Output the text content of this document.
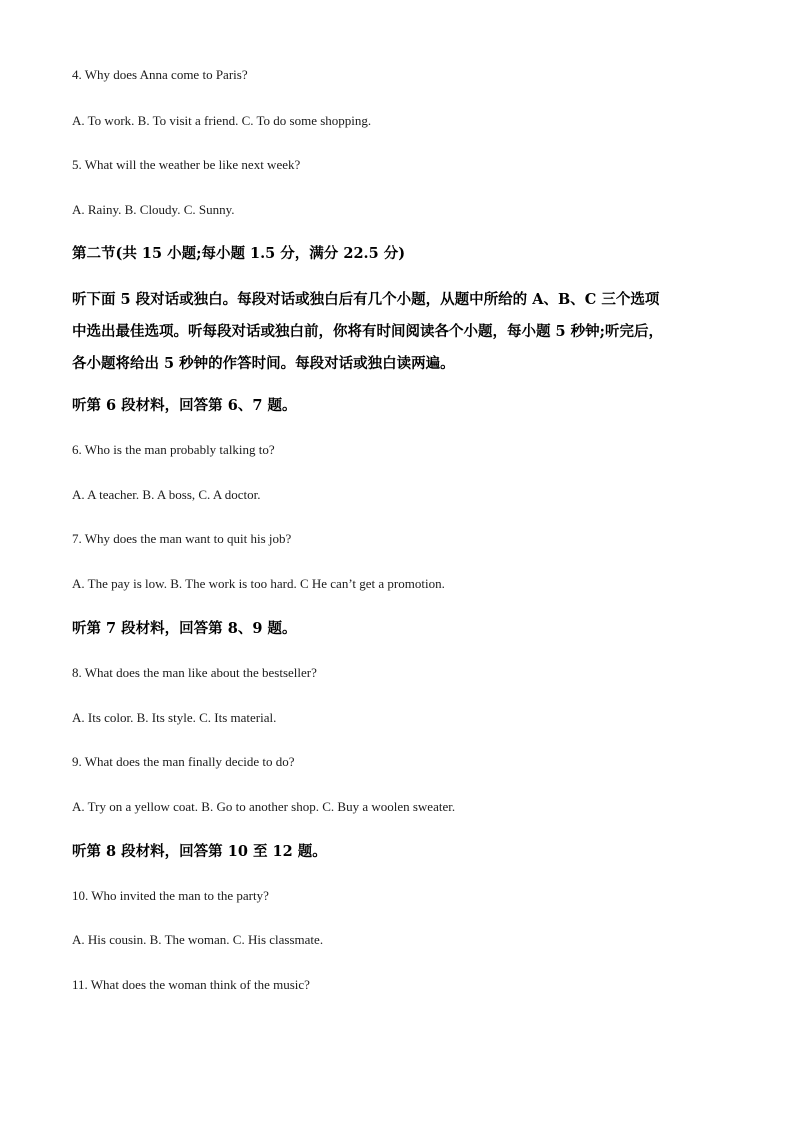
4. Why does Anna come to Paris?
A. To work. B. To visit a friend. C. To do some shopping.
5. What will the weather be like next week?
A. Rainy. B. Cloudy. C. Sunny.
第二节(共 15 小题;每小题 1.5 分，满分 22.5 分)
听下面 5 段对话或独白。每段对话或独白后有几个小题，从题中所给的 A、B、C 三个选项
中选出最佳选项。听每段对话或独白前，你将有时间阅读各个小题，每小题 5 秒钟;听完后，
各小题将给出 5 秒钟的作答时间。每段对话或独白读两遍。
听第 6 段材料，回答第 6、7 题。
6. Who is the man probably talking to?
A. A teacher. B. A boss, C. A doctor.
7. Why does the man want to quit his job?
A. The pay is low. B. The work is too hard. C He can’t get a promotion.
听第 7 段材料，回答第 8、9 题。
8. What does the man like about the bestseller?
A. Its color. B. Its style. C. Its material.
9. What does the man finally decide to do?
A. Try on a yellow coat. B. Go to another shop. C. Buy a woolen sweater.
听第 8 段材料，回答第 10 至 12 题。
10. Who invited the man to the party?
A. His cousin. B. The woman. C. His classmate.
11. What does the woman think of the music?
